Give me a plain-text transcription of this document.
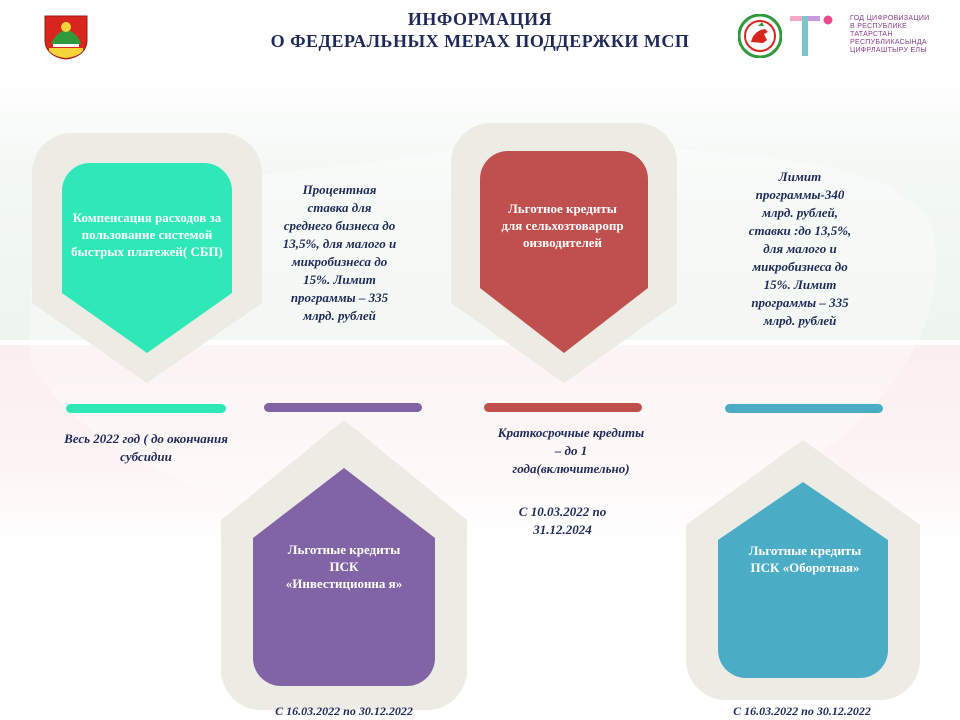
ИНФОРМАЦИЯ
О ФЕДЕРАЛЬНЫХ МЕРАХ ПОДДЕРЖКИ МСП
ГОД ЦИФРОВИЗАЦИИ
В РЕСПУБЛИКЕ
ТАТАРСТАН
РЕСПУБЛИКАСЫНДА
ЦИФРЛАШТЫРУ ЕЛЫ
Компенсация расходов за пользование системой быстрых платежей( СБП)
Льготное кредиты для сельхозтоваропр оизводителей
Льготные кредиты ПСК «Инвестиционна я»
Льготные кредиты ПСК «Оборотная»
Процентная ставка для среднего бизнеса до 13,5%, для малого и микробизнеса до 15%. Лимит программы – 335 млрд. рублей
Лимит программы-340 млрд. рублей, ставки :до 13,5%, для малого и микробизнеса до 15%. Лимит программы – 335 млрд. рублей
Весь 2022 год ( до окончания субсидии
Краткосрочные кредиты – до 1 года(включительно)
С 10.03.2022 по 31.12.2024
С 16.03.2022 по 30.12.2022	С 16.03.2022 по 30.12.2022
